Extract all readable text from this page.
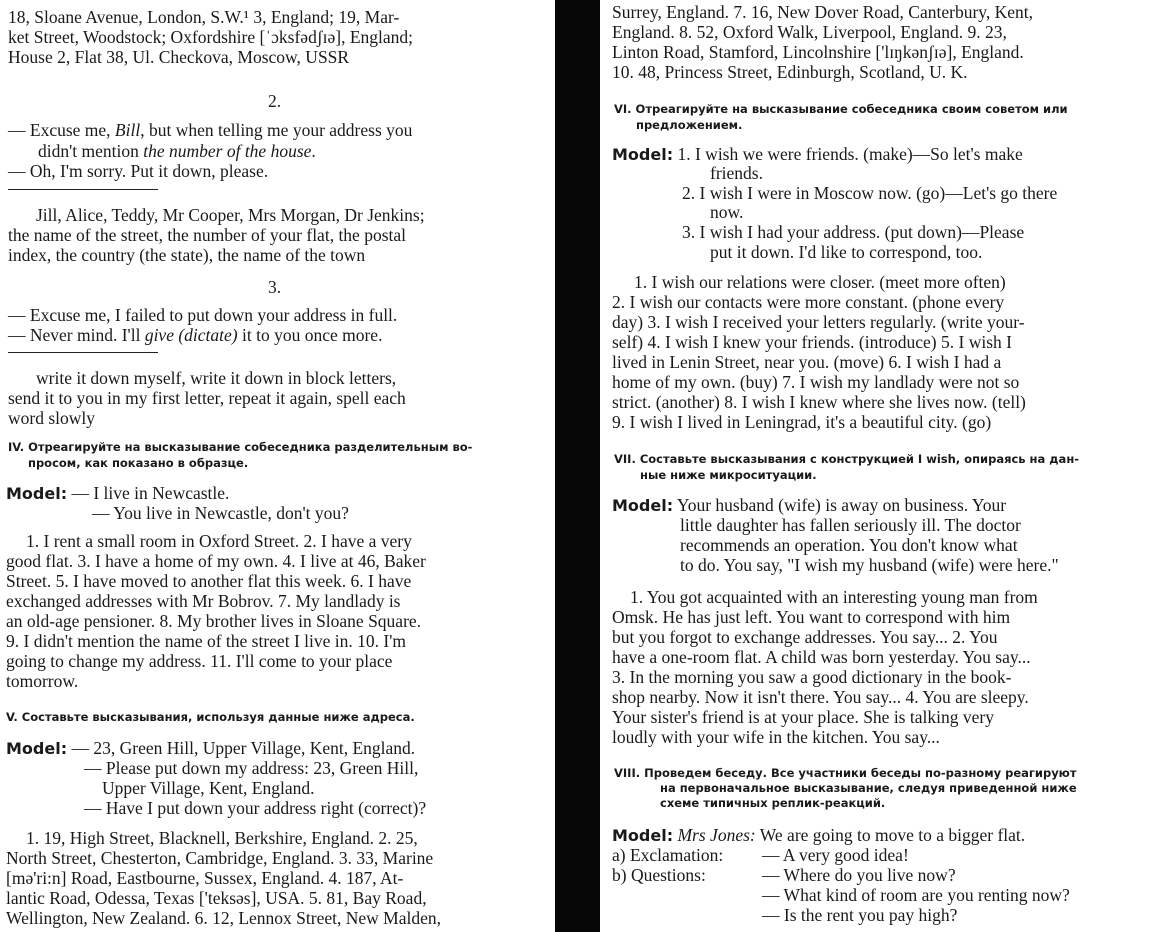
18, Sloane Avenue, London, S.W.¹ 3, England; 19, Mar-
ket Street, Woodstock; Oxfordshire [ˈɔksfədʃɪə], England;
House 2, Flat 38, Ul. Checkova, Moscow, USSR
2.
— Excuse me, Bill, but when telling me your address you
didn't mention the number of the house.
— Oh, I'm sorry. Put it down, please.
Jill, Alice, Teddy, Mr Cooper, Mrs Morgan, Dr Jenkins;
the name of the street, the number of your flat, the postal
index, the country (the state), the name of the town
3.
— Excuse me, I failed to put down your address in full.
— Never mind. I'll give (dictate) it to you once more.
write it down myself, write it down in block letters,
send it to you in my first letter, repeat it again, spell each
word slowly
IV. Отреагируйте на высказывание собеседника разделительным во-
просом, как показано в образце.
Model: — I live in Newcastle.
— You live in Newcastle, don't you?
1. I rent a small room in Oxford Street. 2. I have a very
good flat. 3. I have a home of my own. 4. I live at 46, Baker
Street. 5. I have moved to another flat this week. 6. I have
exchanged addresses with Mr Bobrov. 7. My landlady is
an old-age pensioner. 8. My brother lives in Sloane Square.
9. I didn't mention the name of the street I live in. 10. I'm
going to change my address. 11. I'll come to your place
tomorrow.
V. Составьте высказывания, используя данные ниже адреса.
Model: — 23, Green Hill, Upper Village, Kent, England.
— Please put down my address: 23, Green Hill,
Upper Village, Kent, England.
— Have I put down your address right (correct)?
1. 19, High Street, Blacknell, Berkshire, England. 2. 25,
North Street, Chesterton, Cambridge, England. 3. 33, Marine
[mə'ri:n] Road, Eastbourne, Sussex, England. 4. 187, At-
lantic Road, Odessa, Texas ['teksəs], USA. 5. 81, Bay Road,
Wellington, New Zealand. 6. 12, Lennox Street, New Malden,
Surrey, England. 7. 16, New Dover Road, Canterbury, Kent,
England. 8. 52, Oxford Walk, Liverpool, England. 9. 23,
Linton Road, Stamford, Lincolnshire ['lɪŋkənʃɪə], England.
10. 48, Princess Street, Edinburgh, Scotland, U. K.
VI. Отреагируйте на высказывание собеседника своим советом или
предложением.
Model: 1. I wish we were friends. (make)—So let's make
friends.
2. I wish I were in Moscow now. (go)—Let's go there
now.
3. I wish I had your address. (put down)—Please
put it down. I'd like to correspond, too.
1. I wish our relations were closer. (meet more often)
2. I wish our contacts were more constant. (phone every
day) 3. I wish I received your letters regularly. (write your-
self) 4. I wish I knew your friends. (introduce) 5. I wish I
lived in Lenin Street, near you. (move) 6. I wish I had a
home of my own. (buy) 7. I wish my landlady were not so
strict. (another) 8. I wish I knew where she lives now. (tell)
9. I wish I lived in Leningrad, it's a beautiful city. (go)
VII. Составьте высказывания с конструкцией I wish, опираясь на дан-
ные ниже микроситуации.
Model: Your husband (wife) is away on business. Your
little daughter has fallen seriously ill. The doctor
recommends an operation. You don't know what
to do. You say, "I wish my husband (wife) were here."
1. You got acquainted with an interesting young man from
Omsk. He has just left. You want to correspond with him
but you forgot to exchange addresses. You say... 2. You
have a one-room flat. A child was born yesterday. You say...
3. In the morning you saw a good dictionary in the book-
shop nearby. Now it isn't there. You say... 4. You are sleepy.
Your sister's friend is at your place. She is talking very
loudly with your wife in the kitchen. You say...
VIII. Проведем беседу. Все участники беседы по-разному реагируют
на первоначальное высказывание, следуя приведенной ниже
схеме типичных реплик-реакций.
Model: Mrs Jones: We are going to move to a bigger flat.
a) Exclamation: — A very good idea!
b) Questions:	— Where do you live now?
— What kind of room are you renting now?
— Is the rent you pay high?
